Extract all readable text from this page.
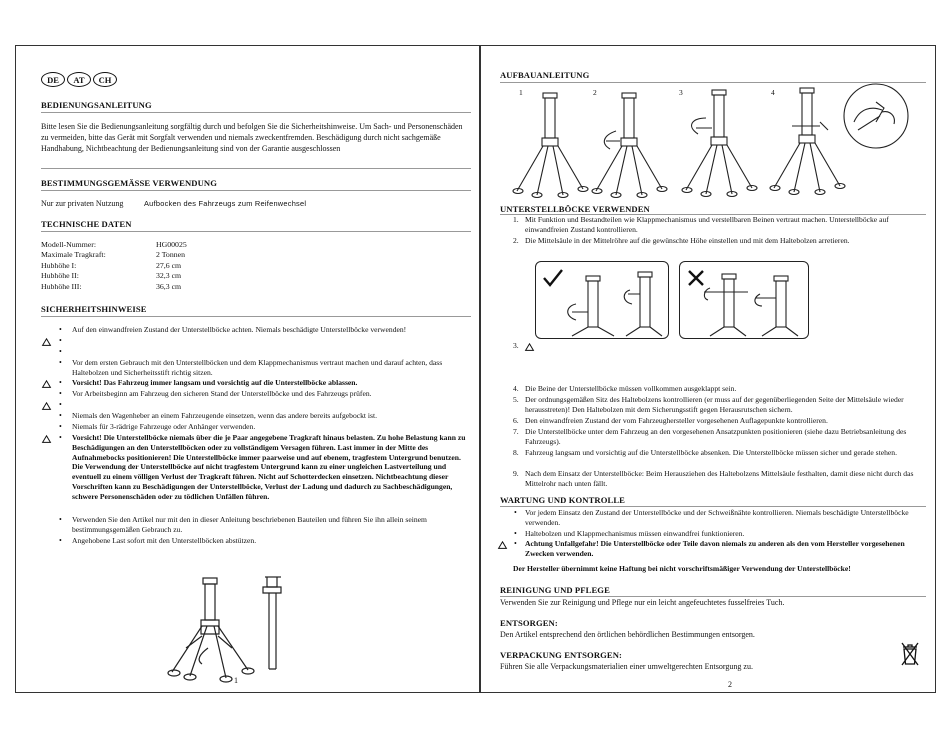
DE	AT	CH
BEDIENUNGSANLEITUNG
Bitte lesen Sie die Bedienungsanleitung sorgfältig durch und befolgen Sie die Sicherheitshinweise. Um Sach- und Personenschäden zu vermeiden, bitte das Gerät mit Sorgfalt verwenden und niemals zweckentfremden. Beschädigung durch nicht sachgemäße Handhabung, Nichtbeachtung der Bedienungsanleitung sind von der Garantie ausgeschlossen
BESTIMMUNGSGEMÄSSE VERWENDUNG
Nur zur privaten Nutzung	Aufbocken des Fahrzeugs zum Reifenwechsel
TECHNISCHE DATEN
Modell-Nummer:	HG00025
Maximale Tragkraft:	2 Tonnen
Hubhöhe I:	27,6 cm
Hubhöhe II:	32,3 cm
Hubhöhe III:	36,3 cm
SICHERHEITSHINWEISE
•	Auf den einwandfreien Zustand der Unterstellböcke achten. Niemals beschädigte Unterstellböcke verwenden!
•
•
•	Vor dem ersten Gebrauch mit den Unterstellböcken und dem Klappmechanismus vertraut machen und darauf achten, dass Haltebolzen und Sicherheitsstift richtig sitzen.
•	Vorsicht! Das Fahrzeug immer langsam und vorsichtig auf die Unterstellböcke ablassen.
•	Vor Arbeitsbeginn am Fahrzeug den sicheren Stand der Unterstellböcke und des Fahrzeugs prüfen.
•
•	Niemals den Wagenheber an einem Fahrzeugende einsetzen, wenn das andere bereits aufgebockt ist.
•	Niemals für 3-rädrige Fahrzeuge oder Anhänger verwenden.
•	Vorsicht! Die Unterstellböcke niemals über die je Paar angegebene Tragkraft hinaus belasten. Zu hohe Belastung kann zu Beschädigungen an den Unterstellböcken oder zu vollständigem Versagen führen. Last immer in der Mitte des Aufnahmebocks positionieren! Die Unterstellböcke immer paarweise und auf ebenem, tragfestem Untergrund benutzen. Die Verwendung der Unterstellböcke auf nicht tragfestem Untergrund kann zu einer ungleichen Lastverteilung und eventuell zu einem völligen Verlust der Tragkraft führen. Nicht auf Schotterdecken einsetzen. Nichtbeachtung dieser Vorschriften kann zu Beschädigungen der Unterstellböcke, Verlust der Ladung und dadurch zu Sachbeschädigungen, schwere Personenschäden oder zu tödlichen Unfällen führen.
•	Verwenden Sie den Artikel nur mit den in dieser Anleitung beschriebenen Bauteilen und führen Sie ihn allein seinem bestimmungsgemäßen Gebrauch zu.
•	Angehobene Last sofort mit den Unterstellböcken abstützen.
1
AUFBAUANLEITUNG
1	2	3	4
UNTERSTELLBÖCKE VERWENDEN
1. Mit Funktion und Bestandteilen wie Klappmechanismus und verstellbaren Beinen vertraut machen. Unterstellböcke auf einwandfreien Zustand kontrollieren.
2. Die Mittelsäule in der Mittelröhre auf die gewünschte Höhe einstellen und mit dem Haltebolzen arretieren.
3.
4. Die Beine der Unterstellböcke müssen vollkommen ausgeklappt sein.
5. Der ordnungsgemäßen Sitz des Haltebolzens kontrollieren (er muss auf der gegenüberliegenden Seite der Mittelsäule wieder herausstreten)! Den Haltebolzen mit dem Sicherungsstift gegen Herausrutschen sichern.
6. Den einwandfreien Zustand der vom Fahrzeughersteller vorgesehenen Auflagepunkte kontrollieren.
7. Die Unterstellböcke unter dem Fahrzeug an den vorgesehenen Ansatzpunkten positionieren (siehe dazu Betriebsanleitung des Fahrzeugs).
8. Fahrzeug langsam und vorsichtig auf die Unterstellböcke absenken. Die Unterstellböcke müssen sicher und gerade stehen.
9. Nach dem Einsatz der Unterstellböcke: Beim Herausziehen des Haltebolzens Mittelsäule festhalten, damit diese nicht durch das Mittelrohr nach unten fällt.
WARTUNG UND KONTROLLE
•	Vor jedem Einsatz den Zustand der Unterstellböcke und der Schweißnähte kontrollieren. Niemals beschädigte Unterstellböcke verwenden.
•	Haltebolzen und Klappmechanismus müssen einwandfrei funktionieren.
•	Achtung Unfallgefahr! Die Unterstellböcke oder Teile davon niemals zu anderen als den vom Hersteller vorgesehenen Zwecken verwenden.
Der Hersteller übernimmt keine Haftung bei nicht vorschriftsmäßiger Verwendung der Unterstellböcke!
REINIGUNG UND PFLEGE
Verwenden Sie zur Reinigung und Pflege nur ein leicht angefeuchtetes fusselfreies Tuch.
ENTSORGEN:
Den Artikel entsprechend den örtlichen behördlichen Bestimmungen entsorgen.
VERPACKUNG ENTSORGEN:
Führen Sie alle Verpackungsmaterialien einer umweltgerechten Entsorgung zu.
2
